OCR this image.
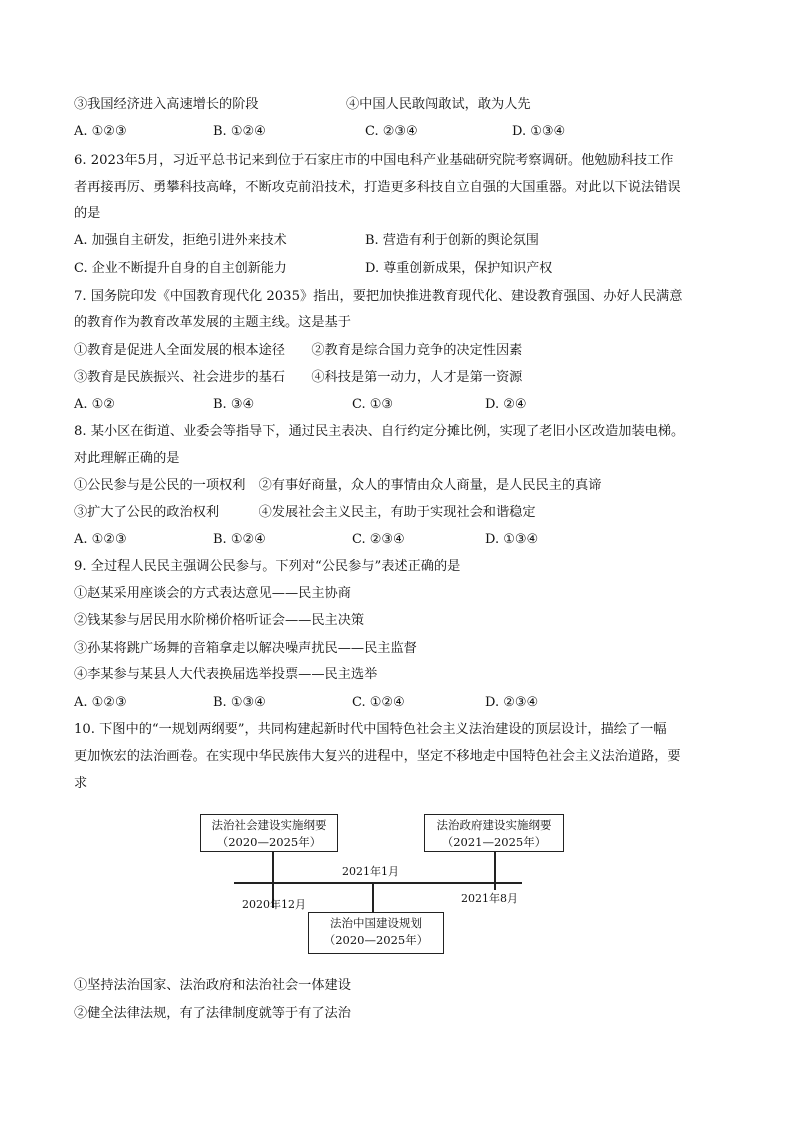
③我国经济进入高速增长的阶段	④中国人民敢闯敢试，敢为人先
A. ①②③	B. ①②④	C. ②③④	D. ①③④
6. 2023年5月，习近平总书记来到位于石家庄市的中国电科产业基础研究院考察调研。他勉励科技工作
者再接再厉、勇攀科技高峰，不断攻克前沿技术，打造更多科技自立自强的大国重器。对此以下说法错误
的是
A. 加强自主研发，拒绝引进外来技术	B. 营造有利于创新的舆论氛围
C. 企业不断提升自身的自主创新能力	D. 尊重创新成果，保护知识产权
7. 国务院印发《中国教育现代化 2035》指出，要把加快推进教育现代化、建设教育强国、办好人民满意
的教育作为教育改革发展的主题主线。这是基于
①教育是促进人全面发展的根本途径　　②教育是综合国力竞争的决定性因素
③教育是民族振兴、社会进步的基石　　④科技是第一动力，人才是第一资源
A. ①②	B. ③④	C. ①③	D. ②④
8. 某小区在街道、业委会等指导下，通过民主表决、自行约定分摊比例，实现了老旧小区改造加装电梯。
对此理解正确的是
①公民参与是公民的一项权利　②有事好商量，众人的事情由众人商量，是人民民主的真谛
③扩大了公民的政治权利　　　④发展社会主义民主，有助于实现社会和谐稳定
A. ①②③	B. ①②④	C. ②③④	D. ①③④
9. 全过程人民民主强调公民参与。下列对“公民参与”表述正确的是
①赵某采用座谈会的方式表达意见——民主协商
②钱某参与居民用水阶梯价格听证会——民主决策
③孙某将跳广场舞的音箱拿走以解决噪声扰民——民主监督
④李某参与某县人大代表换届选举投票——民主选举
A. ①②③	B. ①③④	C. ①②④	D. ②③④
10. 下图中的“一规划两纲要”，共同构建起新时代中国特色社会主义法治建设的顶层设计，描绘了一幅
更加恢宏的法治画卷。在实现中华民族伟大复兴的进程中，坚定不移地走中国特色社会主义法治道路，要
求
法治社会建设实施纲要
（2020—2025年）
法治政府建设实施纲要
（2021—2025年）
2021年1月
2020年12月	2021年8月
法治中国建设规划
（2020—2025年）
①坚持法治国家、法治政府和法治社会一体建设
②健全法律法规，有了法律制度就等于有了法治
